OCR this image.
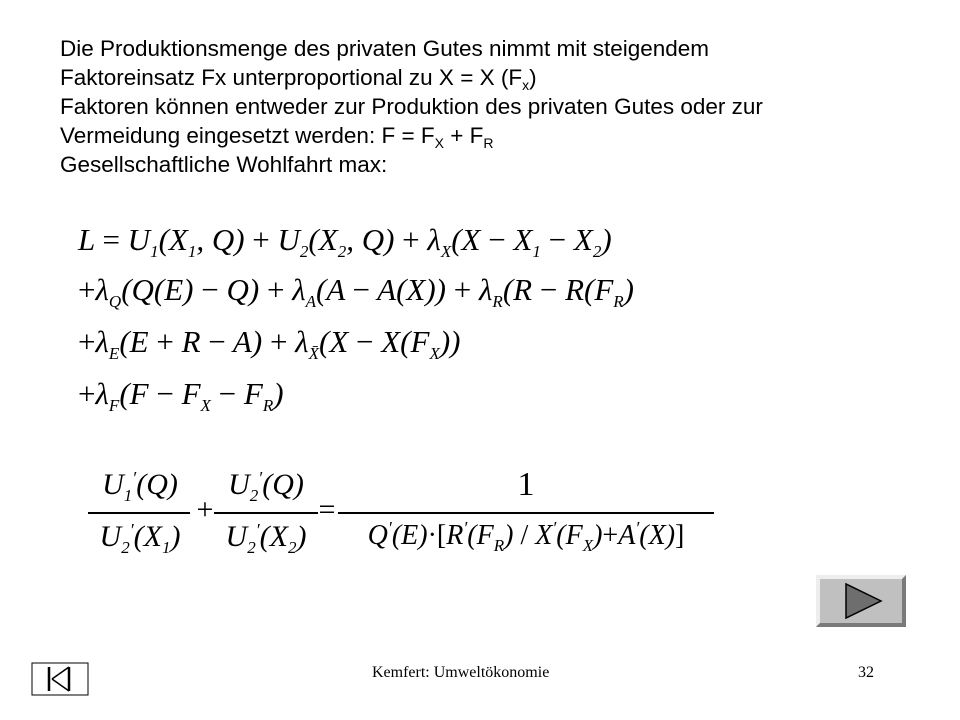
Die Produktionsmenge des privaten Gutes nimmt mit steigendem
Faktoreinsatz Fx unterproportional zu X = X $(F_x)$
Faktoren können entweder zur Produktion des privaten Gutes oder zur
Vermeidung eingesetzt werden: $F = F_X + F_R$
Gesellschaftliche Wohlfahrt max:
$L = U_1(X_1$, $Q) + U_2(X_2$, $Q) + \lambda_X(X - X_1 - X_2)$
$+\lambda_Q(Q(E) - Q) + \lambda_A(A - A(X)) + \lambda_R(R - R(F_R)$
$+\lambda_E(E + R - A) + \lambda_{X̄}(X - X(F_X))$
$+\lambda_F(F - F_X - F_R)$
$U_1'(Q)$
$U_2'(X_1)$
+
$U_2'(Q)$
$U_2'(X_2)$
=
1
$Q'(E)\cdot[R'(F_R) / X'(F_X)+A'(X)]$
Kemfert: Umweltökonomie	32
